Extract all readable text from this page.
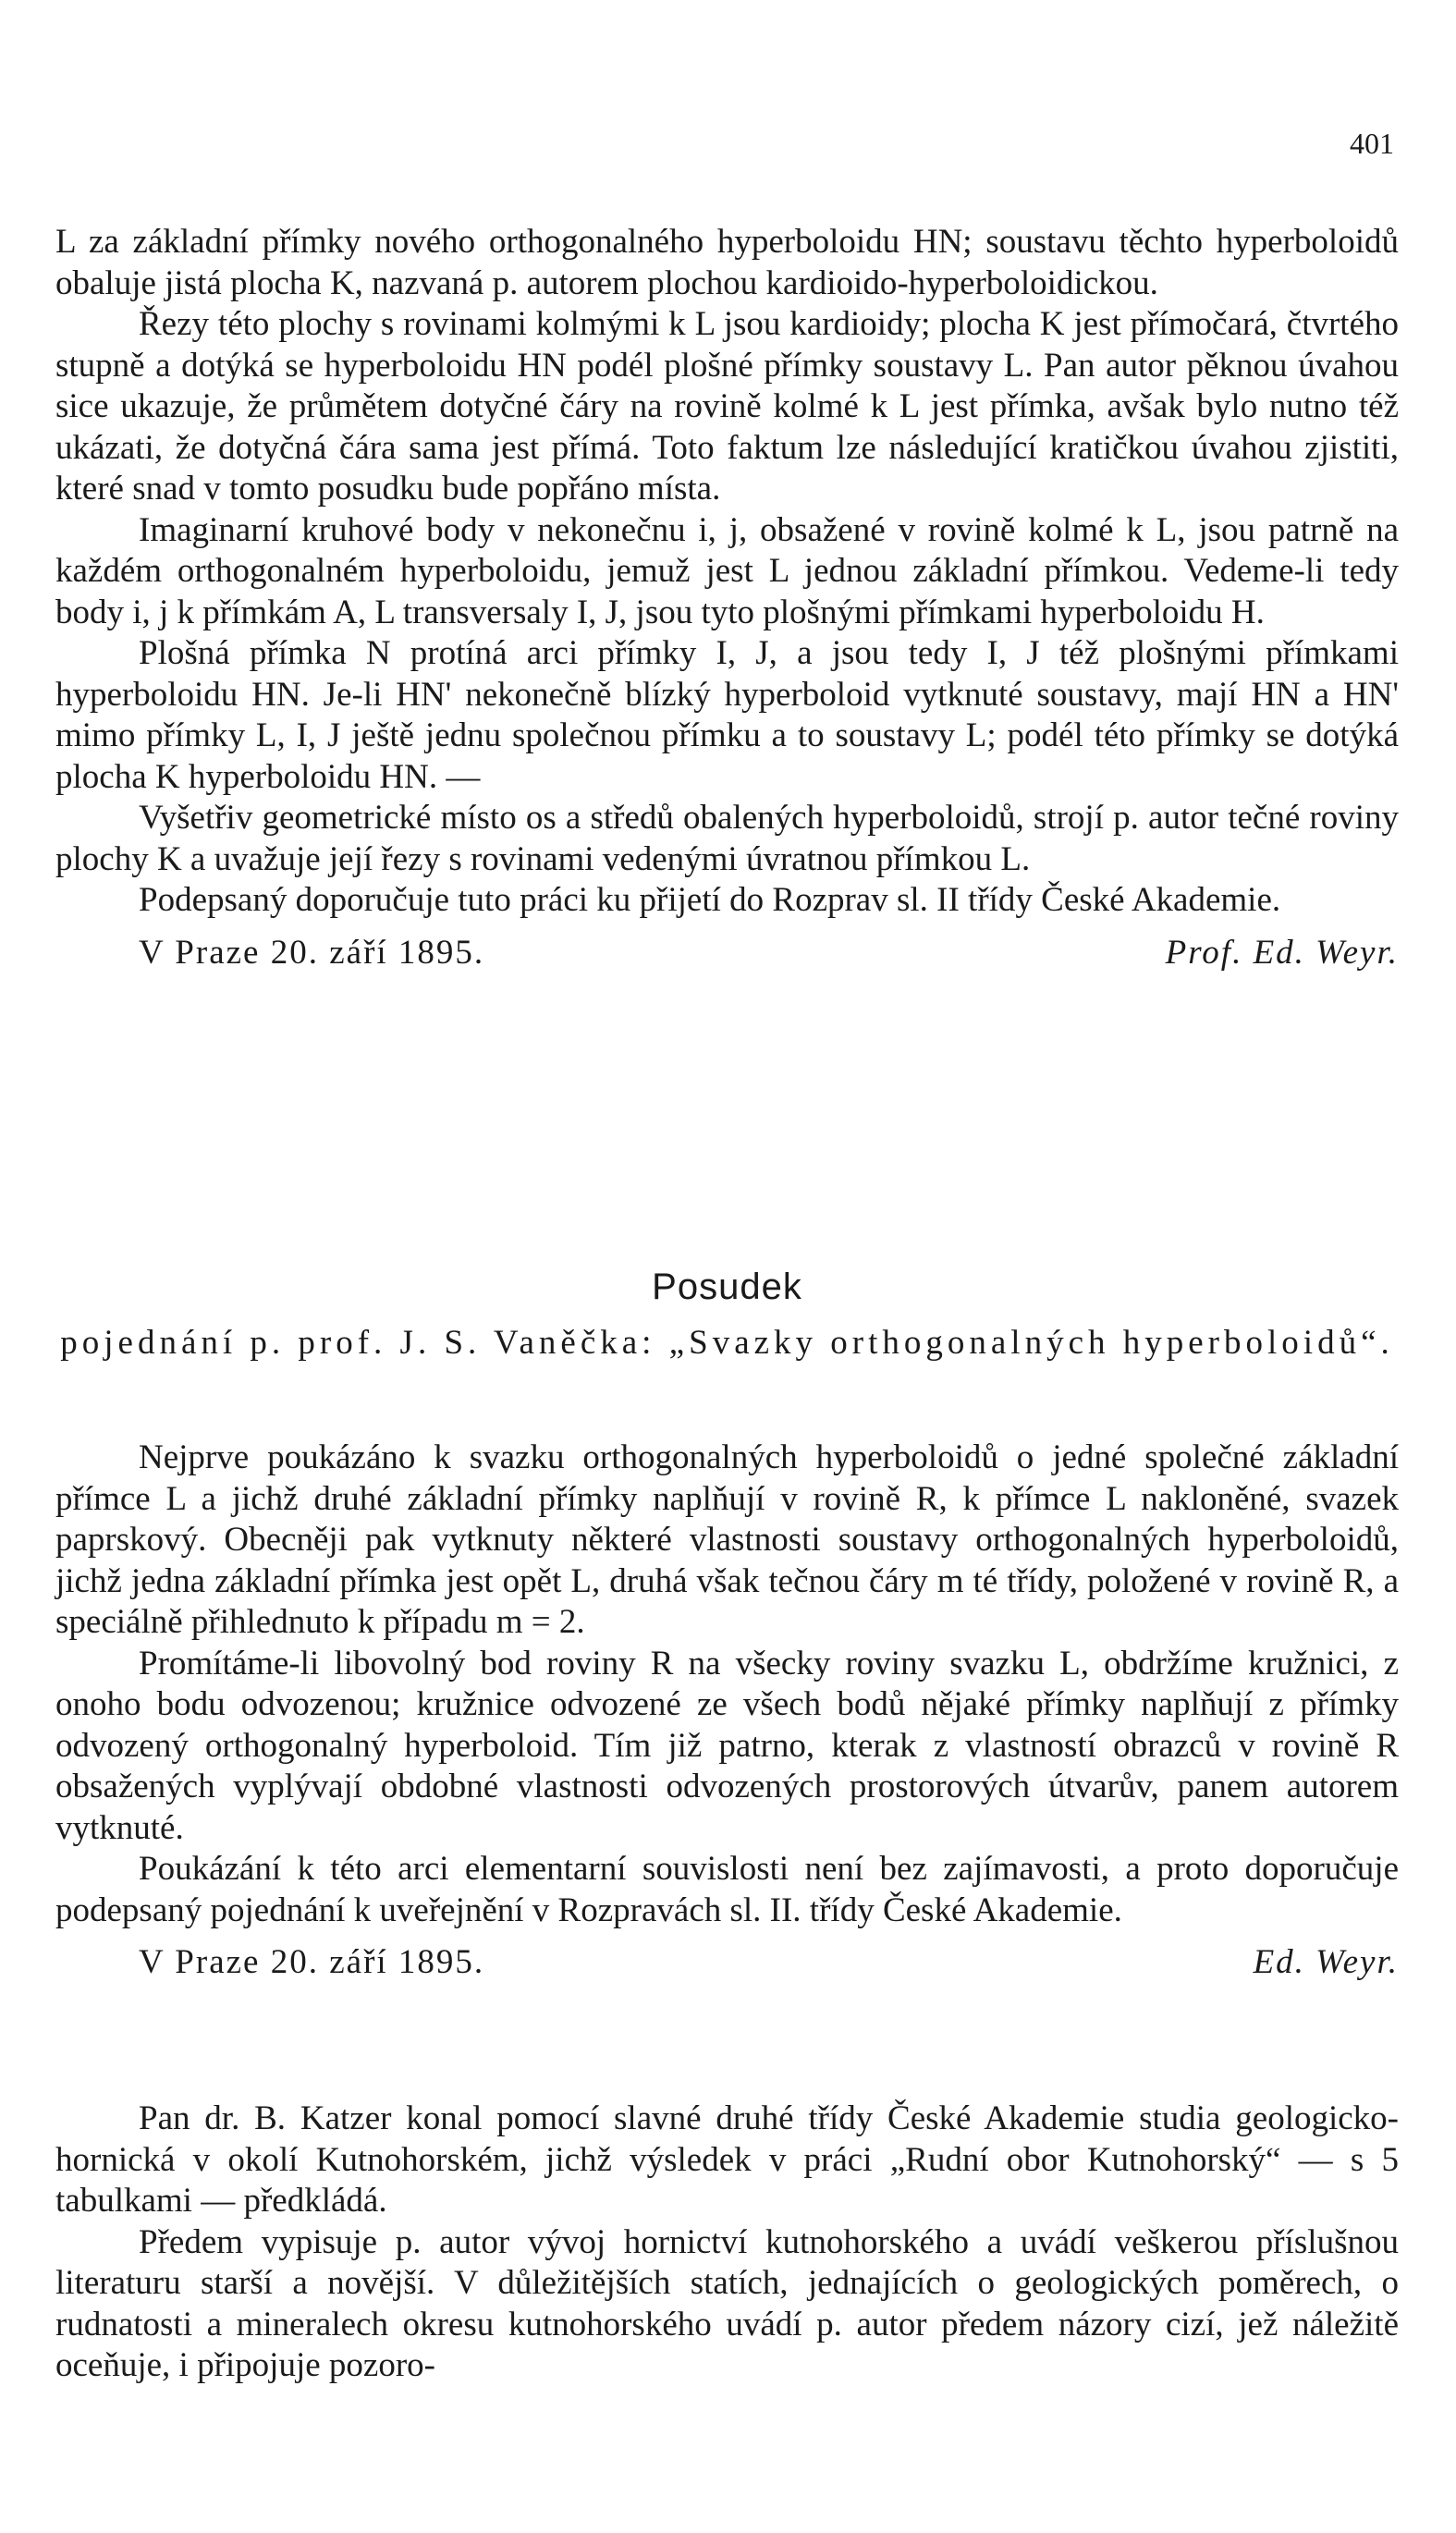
401

L za základní přímky nového orthogonalného hyperboloidu HN; soustavu těchto hyperboloidů obaluje jistá plocha K, nazvaná p. autorem plochou kardioido-hyperboloidickou.

Řezy této plochy s rovinami kolmými k L jsou kardioidy; plocha K jest přímočará, čtvrtého stupně a dotýká se hyperboloidu HN podél plošné přímky soustavy L. Pan autor pěknou úvahou sice ukazuje, že průmětem dotyčné čáry na rovině kolmé k L jest přímka, avšak bylo nutno též ukázati, že dotyčná čára sama jest přímá. Toto faktum lze následující kratičkou úvahou zjistiti, které snad v tomto posudku bude popřáno místa.

Imaginarní kruhové body v nekonečnu i, j, obsažené v rovině kolmé k L, jsou patrně na každém orthogonalném hyperboloidu, jemuž jest L jednou základní přímkou. Vedeme-li tedy body i, j k přímkám A, L transversaly I, J, jsou tyto plošnými přímkami hyperboloidu H.

Plošná přímka N protíná arci přímky I, J, a jsou tedy I, J též plošnými přímkami hyperboloidu HN. Je-li HN' nekonečně blízký hyperboloid vytknuté soustavy, mají HN a HN' mimo přímky L, I, J ještě jednu společnou přímku a to soustavy L; podél této přímky se dotýká plocha K hyperboloidu HN. —

Vyšetřiv geometrické místo os a středů obalených hyperboloidů, strojí p. autor tečné roviny plochy K a uvažuje její řezy s rovinami vedenými úvratnou přímkou L.

Podepsaný doporučuje tuto práci ku přijetí do Rozprav sl. II třídy České Akademie.

V Praze 20. září 1895.	Prof. Ed. Weyr.
Posudek
pojednání p. prof. J. S. Vaněčka: „Svazky orthogonalných hyperboloidů“.

Nejprve poukázáno k svazku orthogonalných hyperboloidů o jedné společné základní přímce L a jichž druhé základní přímky naplňují v rovině R, k přímce L nakloněné, svazek paprskový. Obecněji pak vytknuty některé vlastnosti soustavy orthogonalných hyperboloidů, jichž jedna základní přímka jest opět L, druhá však tečnou čáry m té třídy, položené v rovině R, a speciálně přihlednuto k případu m = 2.

Promítáme-li libovolný bod roviny R na všecky roviny svazku L, obdržíme kružnici, z onoho bodu odvozenou; kružnice odvozené ze všech bodů nějaké přímky naplňují z přímky odvozený orthogonalný hyperboloid. Tím již patrno, kterak z vlastností obrazců v rovině R obsažených vyplývají obdobné vlastnosti odvozených prostorových útvarův, panem autorem vytknuté.

Poukázání k této arci elementarní souvislosti není bez zajímavosti, a proto doporučuje podepsaný pojednání k uveřejnění v Rozpravách sl. II. třídy České Akademie.

V Praze 20. září 1895.	Ed. Weyr.

Pan dr. B. Katzer konal pomocí slavné druhé třídy České Akademie studia geologicko-hornická v okolí Kutnohorském, jichž výsledek v práci „Rudní obor Kutnohorský“ — s 5 tabulkami — předkládá.

Předem vypisuje p. autor vývoj hornictví kutnohorského a uvádí veškerou příslušnou literaturu starší a novější. V důležitějších statích, jednajících o geologických poměrech, o rudnatosti a mineralech okresu kutnohorského uvádí p. autor předem názory cizí, jež náležitě oceňuje, i připojuje pozoro-
